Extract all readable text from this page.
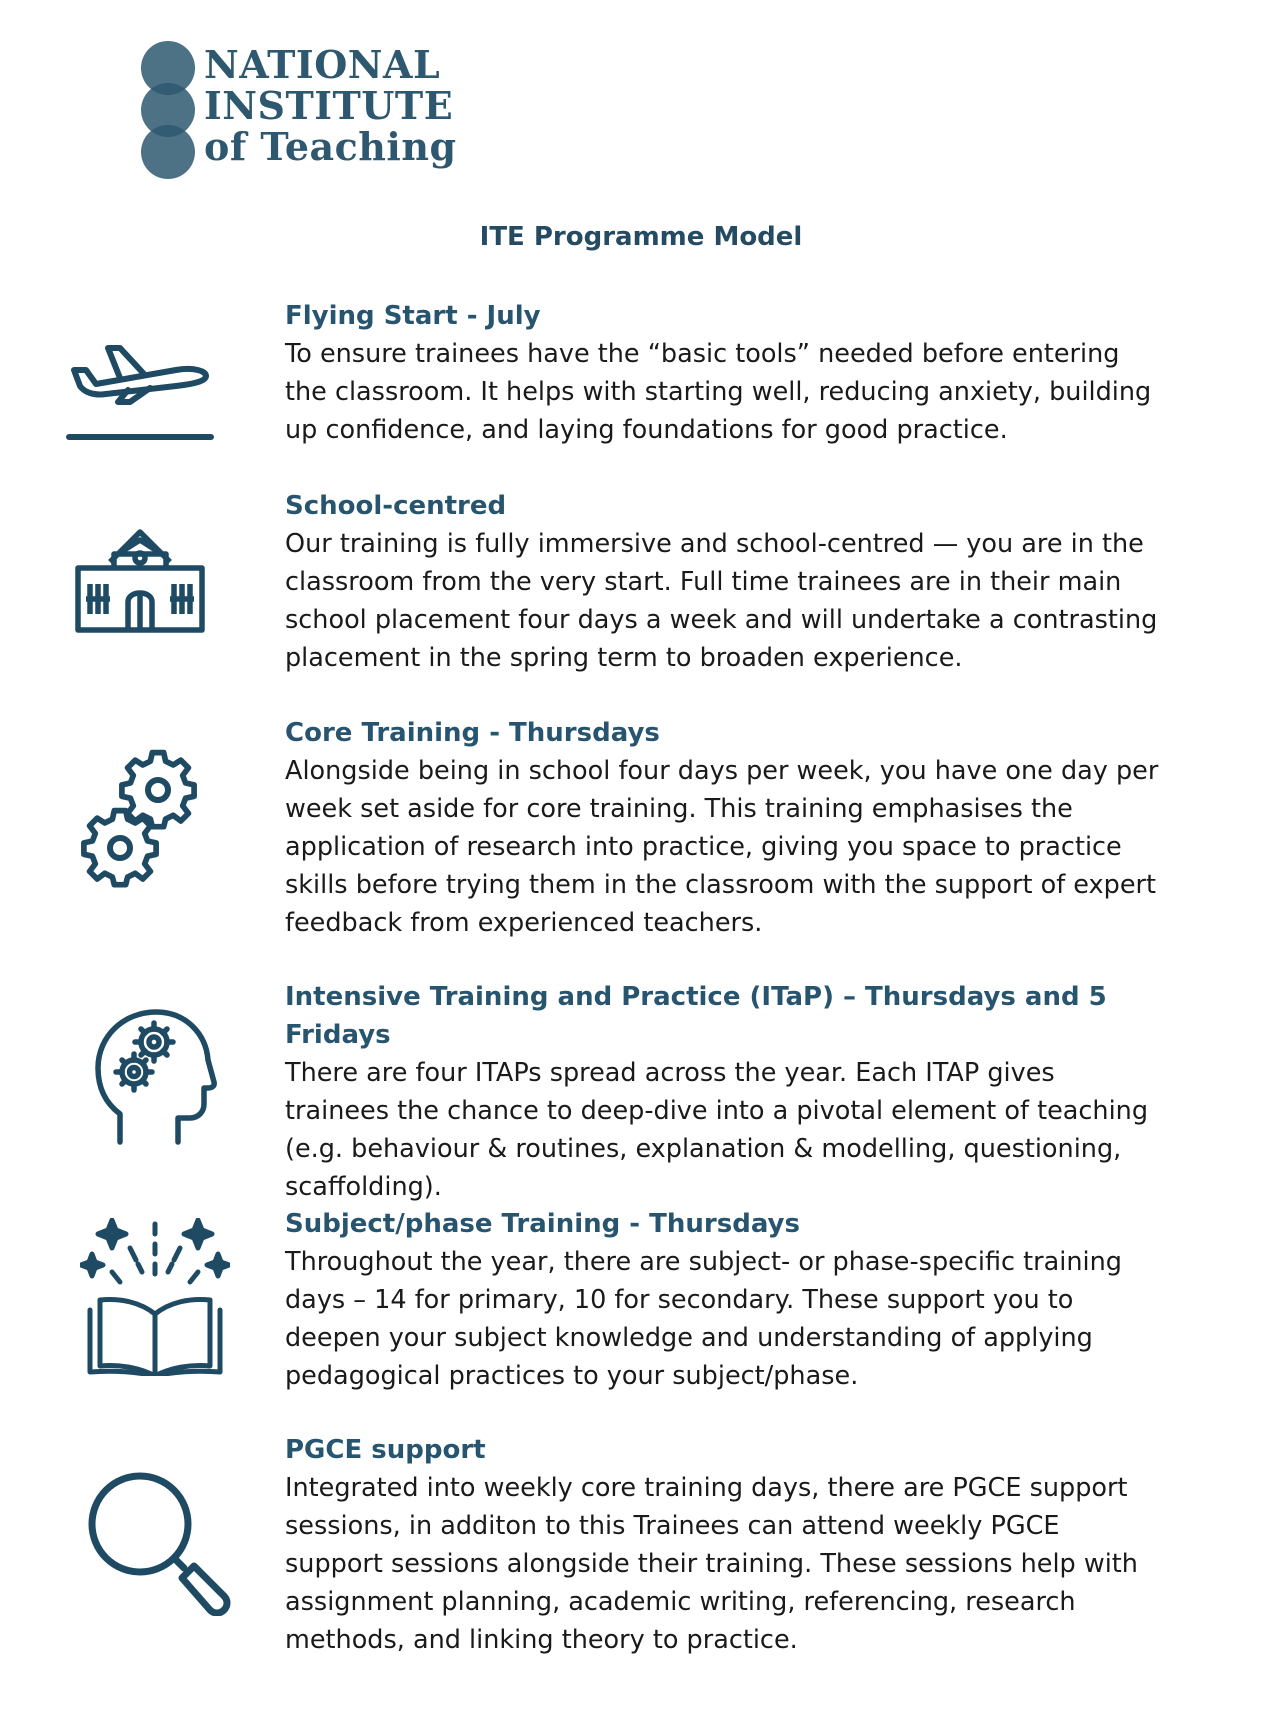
NATIONAL
INSTITUTE
of Teaching
ITE Programme Model
Flying Start - July

To ensure trainees have the “basic tools” needed before entering the classroom. It helps with starting well, reducing anxiety, building up confidence, and laying foundations for good practice.

School-centred

Our training is fully immersive and school-centred — you are in the classroom from the very start. Full time trainees are in their main school placement four days a week and will undertake a contrasting placement in the spring term to broaden experience.

Core Training - Thursdays

Alongside being in school four days per week, you have one day per week set aside for core training. This training emphasises the application of research into practice, giving you space to practice skills before trying them in the classroom with the support of expert feedback from experienced teachers.

Intensive Training and Practice (ITaP) – Thursdays and 5 Fridays

There are four ITAPs spread across the year. Each ITAP gives trainees the chance to deep-dive into a pivotal element of teaching (e.g. behaviour & routines, explanation & modelling, questioning, scaffolding).

Subject/phase Training - Thursdays

Throughout the year, there are subject- or phase-specific training days – 14 for primary, 10 for secondary. These support you to deepen your subject knowledge and understanding of applying pedagogical practices to your subject/phase.

PGCE support

Integrated into weekly core training days, there are PGCE support sessions, in additon to this Trainees can attend weekly PGCE support sessions alongside their training. These sessions help with assignment planning, academic writing, referencing, research methods, and linking theory to practice.
